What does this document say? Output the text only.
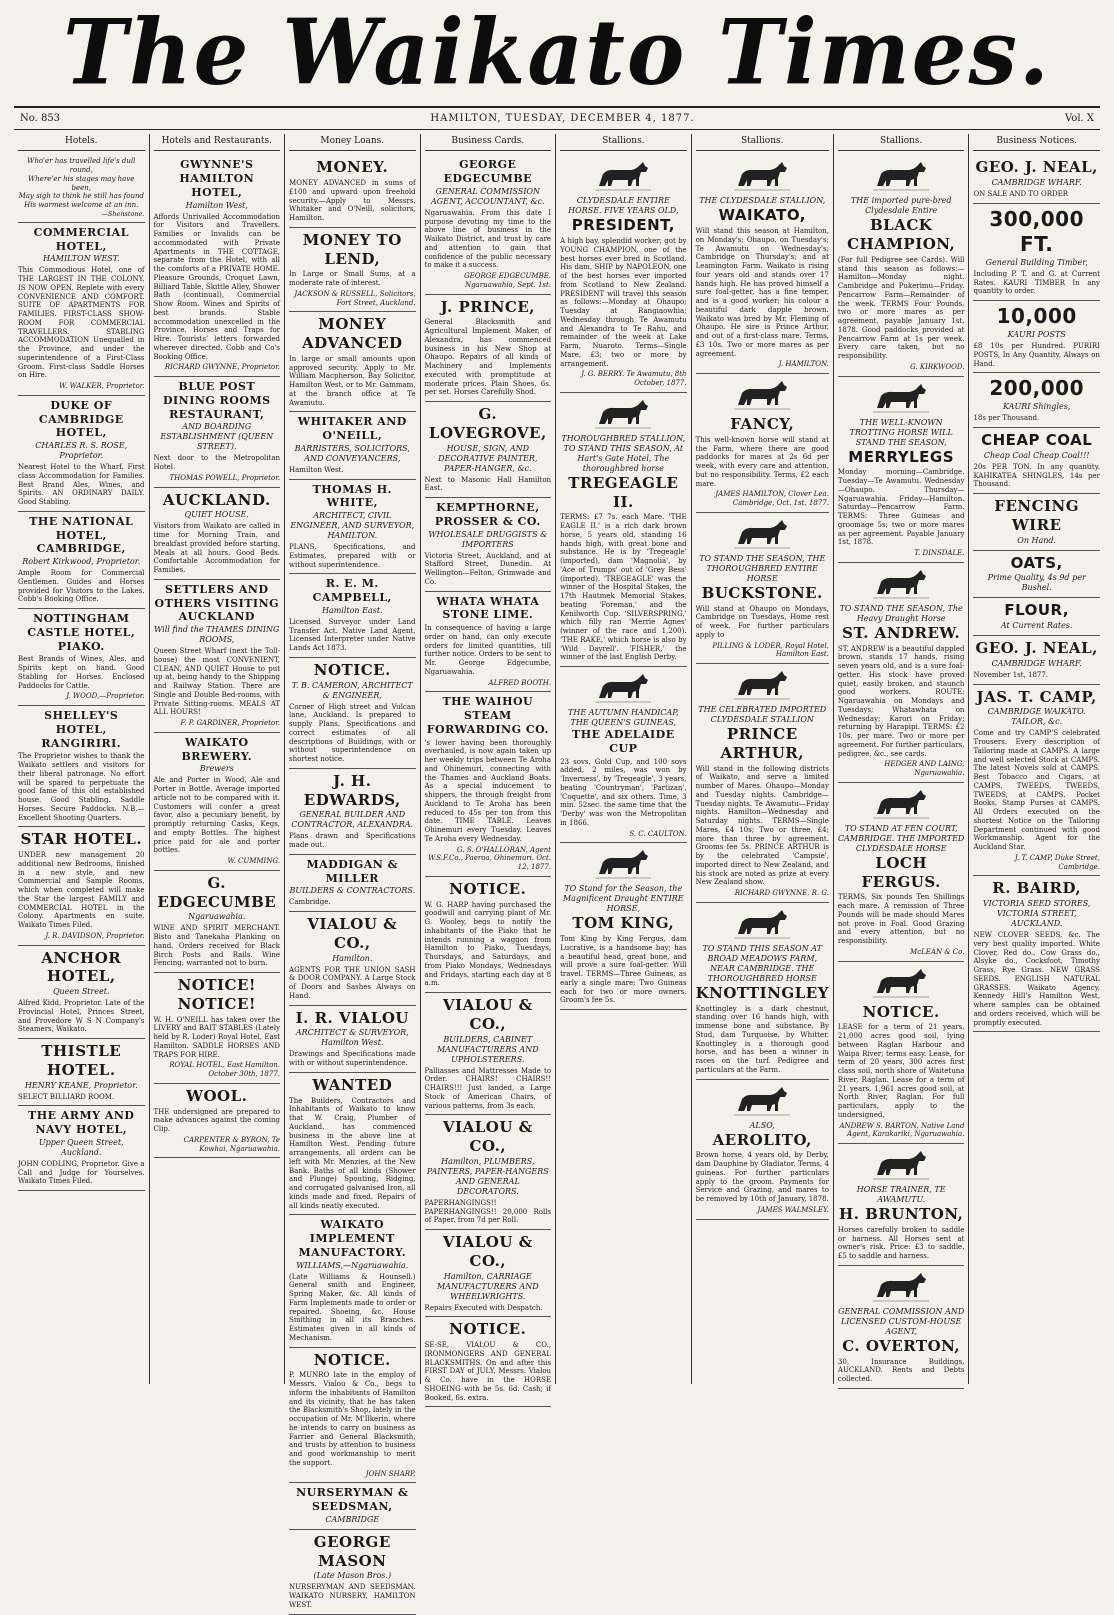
The Waikato Times.
No. 853	HAMILTON, TUESDAY, DECEMBER 4, 1877.	Vol. X
Hotels.
Who'er has travelled life's dull round,
Where'er his stages may have been,
May sigh to think he still has found
His warmest welcome at an inn.
—Shenstone.
COMMERCIAL HOTEL,
HAMILTON WEST.
This Commodious Hotel, one of THE LARGEST IN THE COLONY, IS NOW OPEN. Replete with every CONVENIENCE AND COMFORT. SUITE OF APARTMENTS FOR FAMILIES. FIRST-CLASS SHOW-ROOM FOR COMMERCIAL TRAVELLERS. STABLING ACCOMMODATION Unequalled in the Province, and under the superintendence of a First-Class Groom. First-class Saddle Horses on Hire.
W. WALKER, Proprietor.
DUKE OF CAMBRIDGE HOTEL,
CHARLES R. S. ROSE, Proprietor.
Nearest Hotel to the Wharf. First class Accommodation for Families. Best Brand Ales, Wines, and Spirits. AN ORDINARY DAILY. Good Stabling.
THE NATIONAL HOTEL, CAMBRIDGE,
Robert Kirkwood, Proprietor.
Ample Room for Commercial Gentlemen. Guides and Horses provided for Visitors to the Lakes. Cobb's Booking Office.
NOTTINGHAM CASTLE HOTEL, PIAKO.
Best Brands of Wines, Ales, and Spirits kept on hand. Good Stabling for Horses. Enclosed Paddocks for Cattle.
J. WOOD,—Proprietor.
SHELLEY'S HOTEL, RANGIRIRI.
The Proprietor wishes to thank the Waikato settlers and visitors for their liberal patronage. No effort will be spared to perpetuate the good fame of this old established house. Good Stabling. Saddle Horses. Secure Paddocks. N.B.—Excellent Shooting Quarters.
STAR HOTEL.
UNDER new management 20 additional new Bedrooms, finished in a new style, and new Commercial and Sample Rooms, which when completed will make the Star the largest FAMILY and COMMERCIAL HOTEL in the Colony. Apartments en suite. Waikato Times Filed.
J. R. DAVIDSON, Proprietor.
ANCHOR HOTEL,
Queen Street.
Alfred Kidd, Proprietor. Late of the Provincial Hotel, Princes Street, and Provedore W S N Company's Steamers, Waikato.
THISTLE HOTEL.
HENRY KEANE, Proprietor.
SELECT BILLIARD ROOM.
THE ARMY AND NAVY HOTEL,
Upper Queen Street, Auckland.
JOHN CODLING, Proprietor. Give a Call and Judge for Yourselves. Waikato Times Filed.
Hotels and Restaurants.
GWYNNE'S HAMILTON HOTEL,
Hamilton West,
Affords Unrivalled Accommodation for Visitors and Travellers. Families or Invalids can be accommodated with Private Apartments in THE COTTAGE, separate from the Hotel, with all the comforts of a PRIVATE HOME. Pleasure Grounds, Croquet Lawn, Billiard Table, Skittle Alley, Shower Bath (continual), Commercial Show Room. Wines and Spirits of best brands. Stable accommodation unexcelled in the Province. Horses and Traps for Hire. Tourists' letters forwarded wherever directed. Cobb and Co's Booking Office.
RICHARD GWYNNE, Proprietor.
BLUE POST DINING ROOMS RESTAURANT,
AND BOARDING ESTABLISHMENT (QUEEN STREET).
Next door to the Metropolitan Hotel.
THOMAS POWELL, Proprietor.
AUCKLAND.
QUIET HOUSE.
Visitors from Waikato are called in time for Morning Train, and breakfast provided before starting. Meals at all hours. Good Beds. Comfortable Accommodation for Families.
SETTLERS AND OTHERS VISITING AUCKLAND
Will find the THAMES DINING ROOMS,
Queen Street Wharf (next the Toll-house) the most CONVENIENT, CLEAN, AND QUIET House to put up at, being handy to the Shipping and Railway Station. There are Single and Double Bed-rooms, with Private Sitting-rooms. MEALS AT ALL HOURS!
F. P. GARDINER, Proprietor.
WAIKATO BREWERY.
Brewers
Ale and Porter in Wood, Ale and Porter in Bottle. Average imported article not to be compared with it. Customers will confer a great favor, also a pecuniary benefit, by promptly returning Casks, Kegs, and empty Bottles. The highest price paid for ale and porter bottles.
W. CUMMING.
G. EDGECUMBE
Ngaruawahia.
WINE AND SPIRIT MERCHANT. Bisto and Tanekaha Planking on hand. Orders received for Black Birch Posts and Rails. Wine Fencing, warranted not to burn.
NOTICE! NOTICE!
W. H. O'NEILL has taken over the LIVERY and BAIT STABLES (Lately held by R. Loder) Royal Hotel, East Hamilton. SADDLE HORSES AND TRAPS FOR HIRE.
ROYAL HOTEL, East Hamilton. October 30th, 1877.
WOOL.
THE undersigned are prepared to make advances against the coming Clip.
CARPENTER & BYRON, Te Kowhai, Ngaruawahia.
Money Loans.
MONEY.
MONEY ADVANCED in sums of £100 and upward upon freehold security.—Apply to Messrs. Whitaker and O'Neill, solicitors, Hamilton.
MONEY TO LEND,
In Large or Small Sums, at a moderate rate of interest.
JACKSON & RUSSELL, Solicitors, Fort Street, Auckland.
MONEY ADVANCED
In large or small amounts upon approved security. Apply to Mr. William Macpherson, Bay Solicitor, Hamilton West, or to Mr. Gammam, at the branch office at Te Awamutu.
WHITAKER AND O'NEILL,
BARRISTERS, SOLICITORS, AND CONVEYANCERS,
Hamilton West.
THOMAS H. WHITE,
ARCHITECT, CIVIL ENGINEER, AND SURVEYOR, HAMILTON.
PLANS, Specifications, and Estimates, prepared with or without superintendence.
R. E. M. CAMPBELL,
Hamilton East.
Licensed Surveyor under Land Transfer Act. Native Land Agent, Licensed Interpreter under Native Lands Act 1873.
NOTICE.
T. B. CAMERON, ARCHITECT & ENGINEER,
Corner of High street and Vulcan lane, Auckland. Is prepared to supply Plans, Specifications and correct estimates of all descriptions of Buildings, with or without superintendence on shortest notice.
J. H. EDWARDS,
GENERAL BUILDER AND CONTRACTOR, ALEXANDRA.
Plans drawn and Specifications made out.
MADDIGAN & MILLER
BUILDERS & CONTRACTORS.
Cambridge.
VIALOU & CO.,
Hamilton.
AGENTS FOR THE UNION SASH & DOOR COMPANY. A Large Stock of Doors and Sashes Always on Hand.
I. R. VIALOU
ARCHITECT & SURVEYOR, Hamilton West.
Drawings and Specifications made with or without superintendence.
WANTED
The Builders, Contractors and Inhabitants of Waikato to know that W. Craig, Plumber of Auckland, has commenced business in the above line at Hamilton West. Pending future arrangements, all orders can be left with Mr. Menzies, at the New Bank. Baths of all kinds (Shower and Plunge) Spouting, Ridging, and corrugated galvanised Iron, all kinds made and fixed. Repairs of all kinds neatly executed.
WAIKATO IMPLEMENT MANUFACTORY.
WILLIAMS,—Ngaruawahia.
(Late Williams & Hounsell.) General smith and Engineer, Spring Maker, &c. All kinds of Farm Implements made to order or repaired. Shoeing, &c. House Smithing in all its Branches. Estimates given in all kinds of Mechanism.
NOTICE.
P. MUNRO late in the employ of Messrs. Vialou & Co., begs to inform the inhabitants of Hamilton and its vicinity, that he has taken the Blacksmith's Shop, lately in the occupation of Mr. M'Ilkerin, where he intends to carry on business as Farrier and General Blacksmith, and trusts by attention to business and good workmanship to merit the support.
JOHN SHARP,
NURSERYMAN & SEEDSMAN,
CAMBRIDGE
GEORGE MASON
(Late Mason Bros.)
NURSERYMAN AND SEEDSMAN. WAIKATO NURSERY, HAMILTON WEST.
Business Cards.
GEORGE EDGECUMBE
GENERAL COMMISSION AGENT, ACCOUNTANT, &c.
Ngaruawahia. From this date I purpose devoting my time to the above line of business in the Waikato District, and trust by care and attention to gain that confidence of the public necessary to make it a success.
GEORGE EDGECUMBE. Ngaruawahia, Sept. 1st.
J. PRINCE,
General Blacksmith and Agricultural Implement Maker, of Alexandra, has commenced business in his New Shop at Ohaupo. Repairs of all kinds of Machinery and Implements executed with promptitude at moderate prices. Plain Shoes, 6s. per set. Horses Carefully Shod.
G. LOVEGROVE,
HOUSE, SIGN, AND DECORATIVE PAINTER, PAPER-HANGER, &c.
Next to Masonic Hall Hamilton East.
KEMPTHORNE, PROSSER & CO.
WHOLESALE DRUGGISTS & IMPORTERS
Victoria Street, Auckland, and at Stafford Street, Dunedin. At Wellington—Felton, Grimwade and Co.
WHATA WHATA STONE LIME.
In consequence of having a large order on hand, can only execute orders for limited quantities, till further notice. Orders to be sent to Mr. George Edgecumbe, Ngaruawahia.
ALFRED BOOTH.
THE WAIHOU STEAM FORWARDING CO.
's lower having been thoroughly overhauled, is now again taken up her weekly trips between Te Aroha and Ohinemuri, connecting with the Thames and Auckland Boats. As a special inducement to shippers, the through freight from Auckland to Te Aroha has been reduced to 45s per ton from this date. TIME TABLE. Leaves Ohinemuri every Tuesday. Leaves Te Aroha every Wednesday.
G. S. O'HALLORAN, Agent W.S.F.Co., Paeroa, Ohinemuri. Oct. 12, 1877.
NOTICE.
W. G. HARP having purchased the goodwill and carrying plant of Mr. G. Wooley, begs to notify the inhabitants of the Piako that he intends running a waggon from Hamilton to Piako, Tuesdays, Thursdays, and Saturdays, and from Piako Mondays, Wednesdays and Fridays, starting each day at 8 a.m.
VIALOU & CO.,
BUILDERS, CABINET MANUFACTURERS AND UPHOLSTERERS.
Palliasses and Mattresses Made to Order. CHAIRS! CHAIRS!! CHAIRS!!! Just landed, a Large Stock of American Chairs, of various patterns, from 3s each.
VIALOU & CO.,
Hamilton, PLUMBERS, PAINTERS, PAPER-HANGERS AND GENERAL DECORATORS.
PAPERHANGINGS!! PAPERHANGINGS!! 20,000 Rolls of Paper, from 7d per Roll.
VIALOU & CO.,
Hamilton, CARRIAGE MANUFACTURERS AND WHEELWRIGHTS.
Repairs Executed with Despatch.
NOTICE.
SE-SE, VIALOU & CO., IRONMONGERS AND GENERAL BLACKSMITHS. On and after this FIRST DAY of JULY, Messrs. Vialou & Co. have in the HORSE SHOEING with be 5s. 6d. Cash; if Booked, 6s. extra.
Stallions.
CLYDESDALE ENTIRE HORSE. FIVE YEARS OLD,
PRESIDENT,
A high bay, splendid worker; got by YOUNG CHAMPION, one of the best horses ever bred in Scotland. His dam, SHIP by NAPOLEON, one of the best horses ever imported from Scotland to New Zealand. PRESIDENT will travel this season as follows:—Monday at Ohaupo; Tuesday at Rangiaowhia; Wednesday through Te Awamutu and Alexandra to Te Rahu, and remainder of the week at Lake Farm, Nuaroto. Terms—Single Mare, £3; two or more by arrangement.
J. G. BERRY. Te Awamutu, 8th October, 1877.
THOROUGHBRED STALLION, TO STAND THIS SEASON, At Hart's Gate Hotel, The thoroughbred horse
TREGEAGLE II.
TERMS: £7 7s. each Mare. 'THE EAGLE II.' is a rich dark brown horse, 5 years old, standing 16 hands high, with great bone and substance. He is by 'Tregeagle' (imported), dam 'Magnolia', by 'Ace of Trumps' out of 'Grey Bess' (imported). 'TREGEAGLE' was the winner of the Hospital Stakes, the 17th Hautmek Memorial Stakes, beating 'Foreman,' and the Kenilworth Cup. 'SILVERSPRING,' which filly ran 'Merrie Agnes' (winner of the race and 1,200). 'THE RAKE,' which horse is also by 'Wild Dayrell'. 'FISHER,' the winner of the last English Derby.
THE AUTUMN HANDICAP, THE QUEEN'S GUINEAS,
THE ADELAIDE CUP
23 sovs, Gold Cup, and 100 sovs added, 2 miles, was won by 'Inverness', by 'Tregeagle', 3 years, beating 'Countryman', 'Partizan', 'Coquette', and six others. Time, 3 min. 52sec. the same time that the 'Derby' was won the Metropolitan in 1866.
S. C. CAULTON.
TO Stand for the Season, the Magnificent Draught ENTIRE HORSE,
TOM KING,
Tom King by King Fergus, dam Lucrative, is a handsome bay; has a beautiful head, great bone, and will prove a sure foal-getter. Will travel. TERMS—Three Guineas, as early a single mare; Two Guineas each for two or more owners. Groom's fee 5s.
Stallions.
THE CLYDESDALE STALLION,
WAIKATO,
Will stand this season at Hamilton, on Monday's; Ohaupo, on Tuesday's; Te Awamutu on Wednesday's; Cambridge on Thursday's; and at Leamington Farm. Waikato is rising four years old and stands over 17 hands high. He has proved himself a sure foal-getter, has a fine temper, and is a good worker; his colour a beautiful dark dapple brown. Waikato was bred by Mr. Fleming of Ohaupo. He sire is Prince Arthur, and out of a first-class mare. Terms, £3 10s. Two or more mares as per agreement.
J. HAMILTON.
FANCY,
This well-known horse will stand at the Farm, where there are good paddocks for mares at 2s 6d per week, with every care and attention, but no responsibility. Terms, £2 each mare.
JAMES HAMILTON, Clover Lea. Cambridge, Oct. 1st, 1877.
TO STAND THE SEASON, THE THOROUGHBRED ENTIRE HORSE
BUCKSTONE.
Will stand at Ohaupo on Mondays, Cambridge on Tuesdays, Home rest of week. For further particulars apply to
PILLING & LODER, Royal Hotel, Hamilton East.
THE CELEBRATED IMPORTED CLYDESDALE STALLION
PRINCE ARTHUR,
Will stand in the following districts of Waikato, and serve a limited number of Mares. Ohaupo—Monday and Tuesday nights. Cambridge—Tuesday nights. Te Awamutu—Friday nights. Hamilton—Wednesday and Saturday nights. TERMS—Single Mares, £4 10s; Two or three, £4; more than three by agreement. Grooms fee 5s. PRINCE ARTHUR is by the celebrated 'Campsie', imported direct to New Zealand, and his stock are noted as prize at every New Zealand show.
RICHARD GWYNNE. R. G.
TO STAND THIS SEASON AT BROAD MEADOWS FARM, NEAR CAMBRIDGE. THE THOROUGHBRED HORSE
KNOTTINGLEY
Knottingley is a dark chestnut, standing over 16 hands high, with immense bone and substance. By Stud, dam Turquoise, by Whitter. Knottingley is a thorough good horse, and has been a winner in races on the turf. Pedigree and particulars at the Farm.
ALSO,
AEROLITO,
Brown horse, 4 years old, by Derby, dam Dauphine by Gladiator. Terms, 4 guineas. For further particulars apply to the groom. Payments for Service and Grazing, and mares to be removed by 10th of January, 1878.
JAMES WALMSLEY.
Stallions.
THE imported pure-bred Clydesdale Entire
BLACK CHAMPION,
(For full Pedigree see Cards). Will stand this season as follows:—Hamilton—Monday night. Cambridge and Pukerimu—Friday. Pencarrow Farm—Remainder of the week. TERMS Four Pounds, two or more mares as per agreement, payable January 1st, 1878. Good paddocks provided at Pencarrow Farm at 1s per week. Every care taken, but no responsibility.
G. KIRKWOOD.
THE WELL-KNOWN TROTTING HORSE WILL STAND THE SEASON,
MERRYLEGS
Monday morning—Cambridge. Tuesday—Te Awamutu. Wednesday—Ohaupo. Thursday—Ngaruawahia. Friday—Hamilton. Saturday—Pencarrow Farm. TERMS: Three Guineas and groomage 5s; two or more mares as per agreement. Payable January 1st, 1878.
T. DINSDALE.
TO STAND THE SEASON, The Heavy Draught Horse
ST. ANDREW.
ST. ANDREW is a beautiful dappled brown, stands 17 hands, rising seven years old, and is a sure foal-getter. His stock have proved quiet, easily broken, and staunch good workers. ROUTE: Ngaruawahia on Mondays and Tuesdays; Whatawhata on Wednesday; Karori on Friday; returning by Harapipi. TERMS: £2 10s. per mare. Two or more per agreement. For further particulars, pedigree, &c., see cards.
HEDGER AND LAING, Ngaruawahia.
TO STAND AT FEN COURT, CAMBRIDGE. THE IMPORTED CLYDESDALE HORSE
LOCH FERGUS.
TERMS, Six pounds Ten Shillings each mare. A remission of Three Pounds will be made should Mares not prove in Foal. Good Grazing and every attention, but no responsibility.
McLEAN & Co.
NOTICE.
LEASE for a term of 21 years, 21,000 acres good soil, lying between Raglan Harbour and Waipa River; terms easy. Lease, for term of 20 years, 300 acres first class soil, north shore of Waitetuna River, Raglan. Lease for a term of 21 years, 1,961 acres good soil, at North River, Raglan. For full particulars, apply to the undersigned,
ANDREW S. BARTON, Native Land Agent, Karakariki, Ngaruawahia.
HORSE TRAINER, TE AWAMUTU.
H. BRUNTON,
Horses carefully broken to saddle or harness. All Horses sent at owner's risk. Price: £3 to saddle, £5 to saddle and harness.
GENERAL COMMISSION AND LICENSED CUSTOM-HOUSE AGENT,
C. OVERTON,
30, Insurance Buildings, AUCKLAND. Rents and Debts collected.
Business Notices.
GEO. J. NEAL,
CAMBRIDGE WHARF.
ON SALE AND TO ORDER
300,000 FT.
General Building Timber,
Including P. T. and G. at Current Rates. KAURI TIMBER In any quantity to order.
10,000
KAURI POSTS
£8 10s per Hundred. PURIRI POSTS, In Any Quantity, Always on Hand.
200,000
KAURI Shingles,
18s per Thousand.
CHEAP COAL
Cheap Coal Cheap Coal!!!
20s PER TON. In any quantity. KAHIKATEA SHINGLES, 14s per Thousand.
FENCING WIRE
On Hand.
OATS,
Prime Quality, 4s 9d per Bushel.
FLOUR,
At Current Rates.
GEO. J. NEAL,
CAMBRIDGE WHARF.
November 1st, 1877.
JAS. T. CAMP,
CAMBRIDGE WAIKATO. TAILOR, &c.
Come and try CAMP'S celebrated Trousers. Every description of Tailoring made at CAMPS. A large and well selected Stock at CAMPS. The latest Novels sold at CAMPS. Best Tobacco and Cigars, at CAMPS. TWEEDS, TWEEDS, TWEEDS, at CAMPS. Pocket Books, Stamp Purses at CAMPS. All Orders executed on the shortest Notice on the Tailoring Department continued with good Workmanship. Agent for the Auckland Star.
J. T. CAMP, Duke Street, Cambridge.
R. BAIRD,
VICTORIA SEED STORES, VICTORIA STREET, AUCKLAND.
NEW CLOVER SEEDS, &c. The very best quality imported. White Clover, Red do., Cow Grass do., Alsyke do., Cocksfoot, Timothy Grass, Rye Grass. NEW GRASS SEEDS. ENGLISH NATURAL GRASSES. Waikato Agency, Kennedy Hill's Hamilton West, where samples can be obtained and orders received, which will be promptly executed.
